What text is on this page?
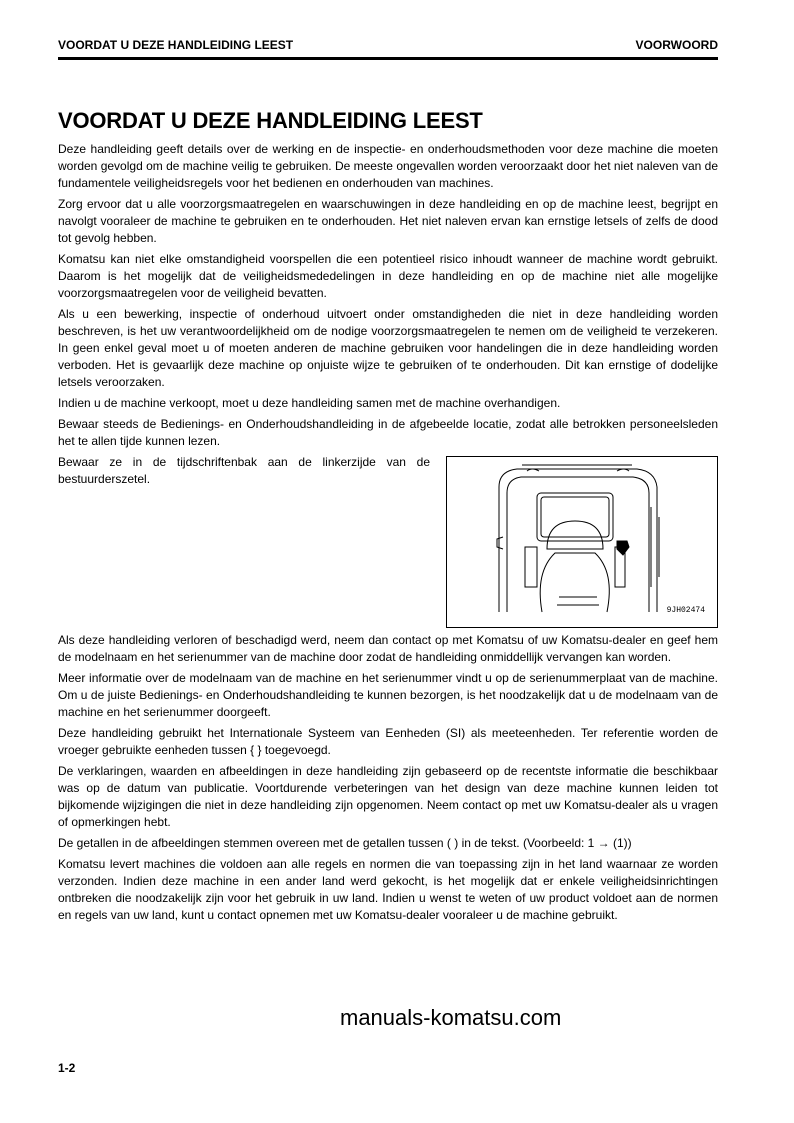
VOORDAT U DEZE HANDLEIDING LEEST	VOORWOORD
VOORDAT U DEZE HANDLEIDING LEEST

Deze handleiding geeft details over de werking en de inspectie- en onderhoudsmethoden voor deze machine die moeten worden gevolgd om de machine veilig te gebruiken. De meeste ongevallen worden veroorzaakt door het niet naleven van de fundamentele veiligheidsregels voor het bedienen en onderhouden van machines.

Zorg ervoor dat u alle voorzorgsmaatregelen en waarschuwingen in deze handleiding en op de machine leest, begrijpt en navolgt vooraleer de machine te gebruiken en te onderhouden. Het niet naleven ervan kan ernstige letsels of zelfs de dood tot gevolg hebben.

Komatsu kan niet elke omstandigheid voorspellen die een potentieel risico inhoudt wanneer de machine wordt gebruikt. Daarom is het mogelijk dat de veiligheidsmededelingen in deze handleiding en op de machine niet alle mogelijke voorzorgsmaatregelen voor de veiligheid bevatten.

Als u een bewerking, inspectie of onderhoud uitvoert onder omstandigheden die niet in deze handleiding worden beschreven, is het uw verantwoordelijkheid om de nodige voorzorgsmaatregelen te nemen om de veiligheid te verzekeren. In geen enkel geval moet u of moeten anderen de machine gebruiken voor handelingen die in deze handleiding worden verboden. Het is gevaarlijk deze machine op onjuiste wijze te gebruiken of te onderhouden. Dit kan ernstige of dodelijke letsels veroorzaken.

Indien u de machine verkoopt, moet u deze handleiding samen met de machine overhandigen.

Bewaar steeds de Bedienings- en Onderhoudshandleiding in de afgebeelde locatie, zodat alle betrokken personeelsleden het te allen tijde kunnen lezen.

Bewaar ze in de tijdschriftenbak aan de linkerzijde van de bestuurderszetel.

9JH02474

Als deze handleiding verloren of beschadigd werd, neem dan contact op met Komatsu of uw Komatsu-dealer en geef hem de modelnaam en het serienummer van de machine door zodat de handleiding onmiddellijk vervangen kan worden.

Meer informatie over de modelnaam van de machine en het serienummer vindt u op de serienummerplaat van de machine. Om u de juiste Bedienings- en Onderhoudshandleiding te kunnen bezorgen, is het noodzakelijk dat u de modelnaam van de machine en het serienummer doorgeeft.

Deze handleiding gebruikt het Internationale Systeem van Eenheden (SI) als meeteenheden. Ter referentie worden de vroeger gebruikte eenheden tussen { } toegevoegd.

De verklaringen, waarden en afbeeldingen in deze handleiding zijn gebaseerd op de recentste informatie die beschikbaar was op de datum van publicatie. Voortdurende verbeteringen van het design van deze machine kunnen leiden tot bijkomende wijzigingen die niet in deze handleiding zijn opgenomen. Neem contact op met uw Komatsu-dealer als u vragen of opmerkingen hebt.

De getallen in de afbeeldingen stemmen overeen met de getallen tussen ( ) in de tekst. (Voorbeeld: 1 → (1))

Komatsu levert machines die voldoen aan alle regels en normen die van toepassing zijn in het land waarnaar ze worden verzonden. Indien deze machine in een ander land werd gekocht, is het mogelijk dat er enkele veiligheidsinrichtingen ontbreken die noodzakelijk zijn voor het gebruik in uw land. Indien u wenst te weten of uw product voldoet aan de normen en regels van uw land, kunt u contact opnemen met uw Komatsu-dealer vooraleer u de machine gebruikt.

manuals-komatsu.com
1-2
